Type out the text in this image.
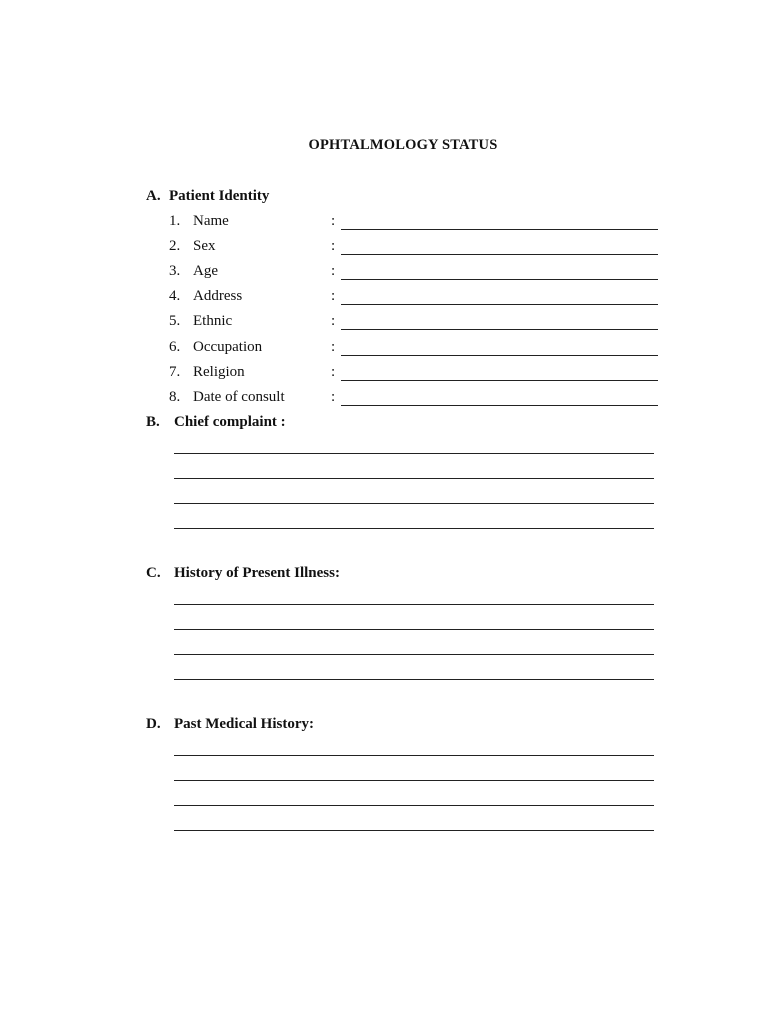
OPHTALMOLOGY STATUS
A. Patient Identity
1. Name	:
2. Sex	:
3. Age	:
4. Address	:
5. Ethnic	:
6. Occupation	:
7. Religion	:
8. Date of consult	:
B. Chief complaint :
C. History of Present Illness:
D. Past Medical History:
